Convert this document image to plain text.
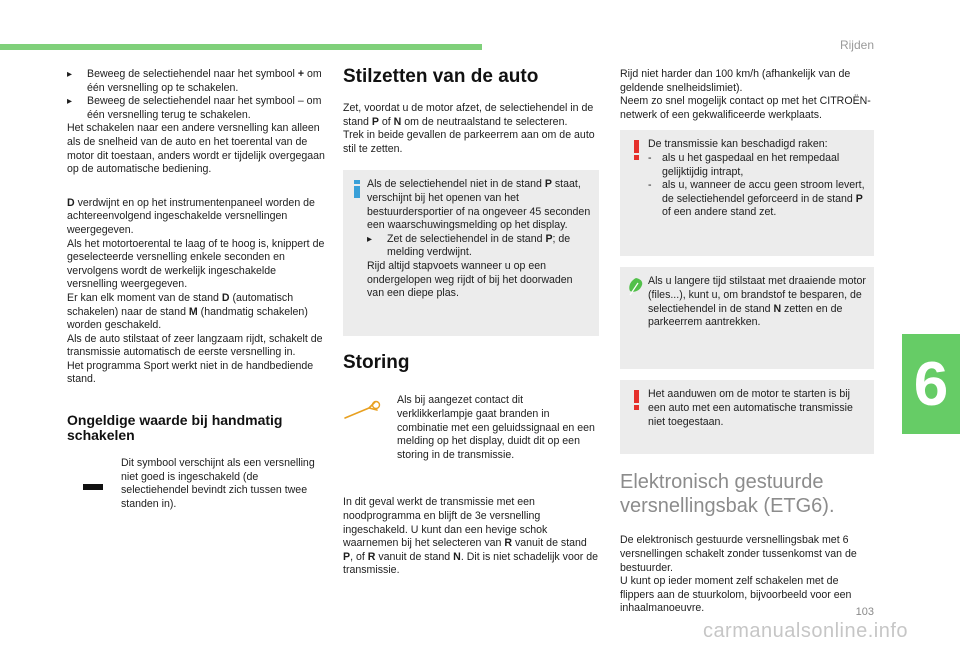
Rijden
▸ Beweeg de selectiehendel naar het symbool + om één versnelling op te schakelen.
▸ Beweeg de selectiehendel naar het symbool – om één versnelling terug te schakelen.

Het schakelen naar een andere versnelling kan alleen als de snelheid van de auto en het toerental van de motor dit toestaan, anders wordt er tijdelijk overgegaan op de automatische bediening.

D verdwijnt en op het instrumentenpaneel worden de achtereenvolgend ingeschakelde versnellingen weergegeven.

Als het motortoerental te laag of te hoog is, knippert de geselecteerde versnelling enkele seconden en vervolgens wordt de werkelijk ingeschakelde versnelling weergegeven.

Er kan elk moment van de stand D (automatisch schakelen) naar de stand M (handmatig schakelen) worden geschakeld.

Als de auto stilstaat of zeer langzaam rijdt, schakelt de transmissie automatisch de eerste versnelling in.

Het programma Sport werkt niet in de handbediende stand.

Ongeldige waarde bij handmatig schakelen

Dit symbool verschijnt als een versnelling niet goed is ingeschakeld (de selectiehendel bevindt zich tussen twee standen in).

Stilzetten van de auto

Zet, voordat u de motor afzet, de selectiehendel in de stand P of N om de neutraalstand te selecteren.

Trek in beide gevallen de parkeerrem aan om de auto stil te zetten.

Als de selectiehendel niet in de stand P staat, verschijnt bij het openen van het bestuurdersportier of na ongeveer 45 seconden een waarschuwingsmelding op het display.

▸ Zet de selectiehendel in de stand P; de melding verdwijnt.

Rijd altijd stapvoets wanneer u op een ondergelopen weg rijdt of bij het doorwaden van een diepe plas.

Storing

Als bij aangezet contact dit verklikkerlampje gaat branden in combinatie met een geluidssignaal en een melding op het display, duidt dit op een storing in de transmissie.

In dit geval werkt de transmissie met een noodprogramma en blijft de 3e versnelling ingeschakeld. U kunt dan een hevige schok waarnemen bij het selecteren van R vanuit de stand P, of R vanuit de stand N. Dit is niet schadelijk voor de transmissie.

Rijd niet harder dan 100 km/h (afhankelijk van de geldende snelheidslimiet).

Neem zo snel mogelijk contact op met het CITROËN-netwerk of een gekwalificeerde werkplaats.

De transmissie kan beschadigd raken:

- als u het gaspedaal en het rempedaal gelijktijdig intrapt,
- als u, wanneer de accu geen stroom levert, de selectiehendel geforceerd in de stand P of een andere stand zet.

Als u langere tijd stilstaat met draaiende motor (files...), kunt u, om brandstof te besparen, de selectiehendel in de stand N zetten en de parkeerrem aantrekken.

Het aanduwen om de motor te starten is bij een auto met een automatische transmissie niet toegestaan.

Elektronisch gestuurde versnellingsbak (ETG6).

De elektronisch gestuurde versnellingsbak met 6 versnellingen schakelt zonder tussenkomst van de bestuurder.

U kunt op ieder moment zelf schakelen met de flippers aan de stuurkolom, bijvoorbeeld voor een inhaalmanoeuvre.

6
103
carmanualsonline.info
